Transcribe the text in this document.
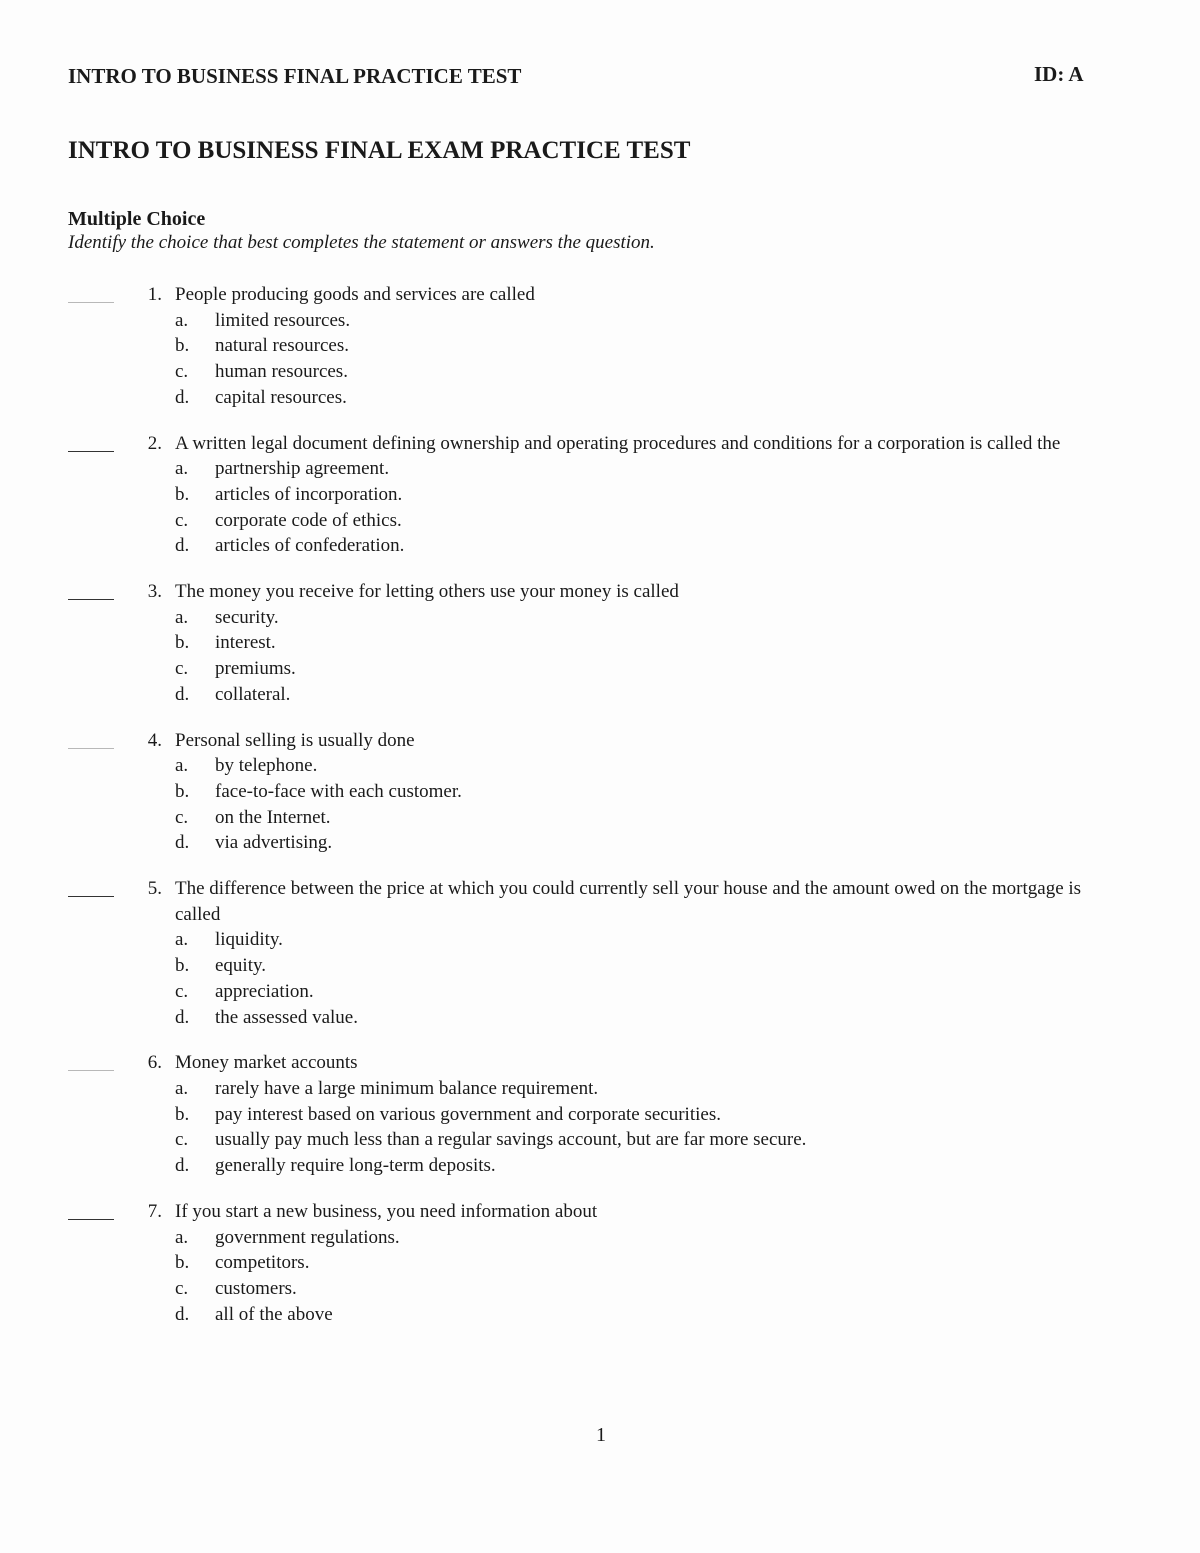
INTRO TO BUSINESS FINAL PRACTICE TEST	ID: A
INTRO TO BUSINESS FINAL EXAM PRACTICE TEST
Multiple Choice
Identify the choice that best completes the statement or answers the question.
1. People producing goods and services are called
a. limited resources.
b. natural resources.
c. human resources.
d. capital resources.
2. A written legal document defining ownership and operating procedures and conditions for a corporation is called the
a. partnership agreement.
b. articles of incorporation.
c. corporate code of ethics.
d. articles of confederation.
3. The money you receive for letting others use your money is called
a. security.
b. interest.
c. premiums.
d. collateral.
4. Personal selling is usually done
a. by telephone.
b. face-to-face with each customer.
c. on the Internet.
d. via advertising.
5. The difference between the price at which you could currently sell your house and the amount owed on the mortgage is called
a. liquidity.
b. equity.
c. appreciation.
d. the assessed value.
6. Money market accounts
a. rarely have a large minimum balance requirement.
b. pay interest based on various government and corporate securities.
c. usually pay much less than a regular savings account, but are far more secure.
d. generally require long-term deposits.
7. If you start a new business, you need information about
a. government regulations.
b. competitors.
c. customers.
d. all of the above
1
